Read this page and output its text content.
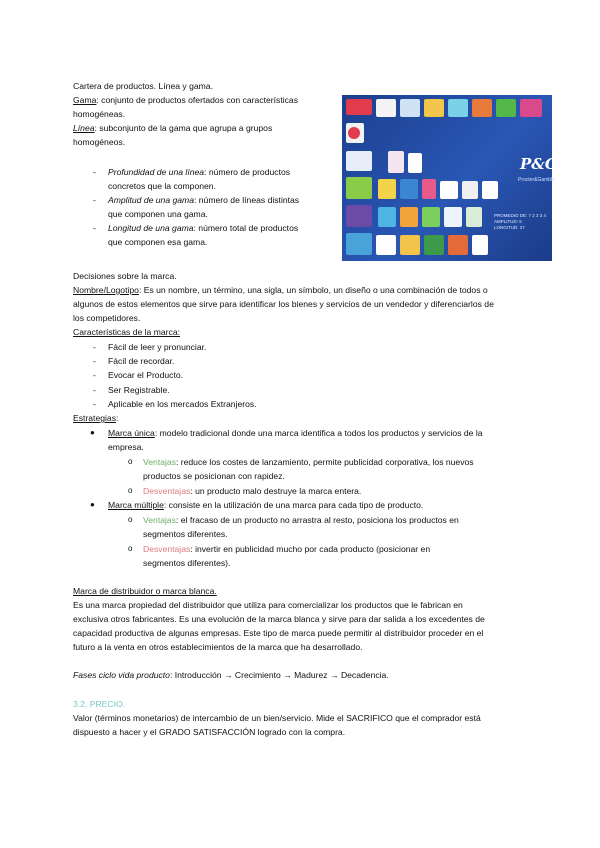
Cartera de productos. Línea y gama.
Gama: conjunto de productos ofertados con características
homogéneas.
Línea: subconjunto de la gama que agrupa a grupos
homogéneos.
- Profundidad de una línea: número de productos
concretos que la componen.
- Amplitud de una gama: número de líneas distintas
que componen una gama.
- Longitud de una gama: número total de productos
que componen esa gama.
P&G
Procter&Gamble
PROMEDIO DE: 7 2 2 3 4
AMPLITUD: 6
LONGITUD: 27
Decisiones sobre la marca.
Nombre/Logotipo: Es un nombre, un término, una sigla, un símbolo, un diseño o una combinación de todos o
algunos de estos elementos que sirve para identificar los bienes y servicios de un vendedor y diferenciarlos de
los competidores.
Características de la marca:
- Fácil de leer y pronunciar.
- Fácil de recordar.
- Evocar el Producto.
- Ser Registrable.
- Aplicable en los mercados Extranjeros.
Estrategias:
● Marca única: modelo tradicional donde una marca identifica a todos los productos y servicios de la
empresa.
o Ventajas: reduce los costes de lanzamiento, permite publicidad corporativa, los nuevos
productos se posicionan con rapidez.
o Desventajas: un producto malo destruye la marca entera.
● Marca múltiple: consiste en la utilización de una marca para cada tipo de producto.
o Ventajas: el fracaso de un producto no arrastra al resto, posiciona los productos en
segmentos diferentes.
o Desventajas: invertir en publicidad mucho por cada producto (posicionar en
segmentos diferentes).
Marca de distribuidor o marca blanca.
Es una marca propiedad del distribuidor que utiliza para comercializar los productos que le fabrican en
exclusiva otros fabricantes. Es una evolución de la marca blanca y sirve para dar salida a los excedentes de
capacidad productiva de algunas empresas. Este tipo de marca puede permitir al distribuidor proceder en el
futuro a la venta en otros establecimientos de la marca que ha desarrollado.
Fases ciclo vida producto: Introducción → Crecimiento → Madurez → Decadencia.
3.2. PRECIO.
Valor (términos monetarios) de intercambio de un bien/servicio. Mide el SACRIFICO que el comprador está
dispuesto a hacer y el GRADO SATISFACCIÓN logrado con la compra.
